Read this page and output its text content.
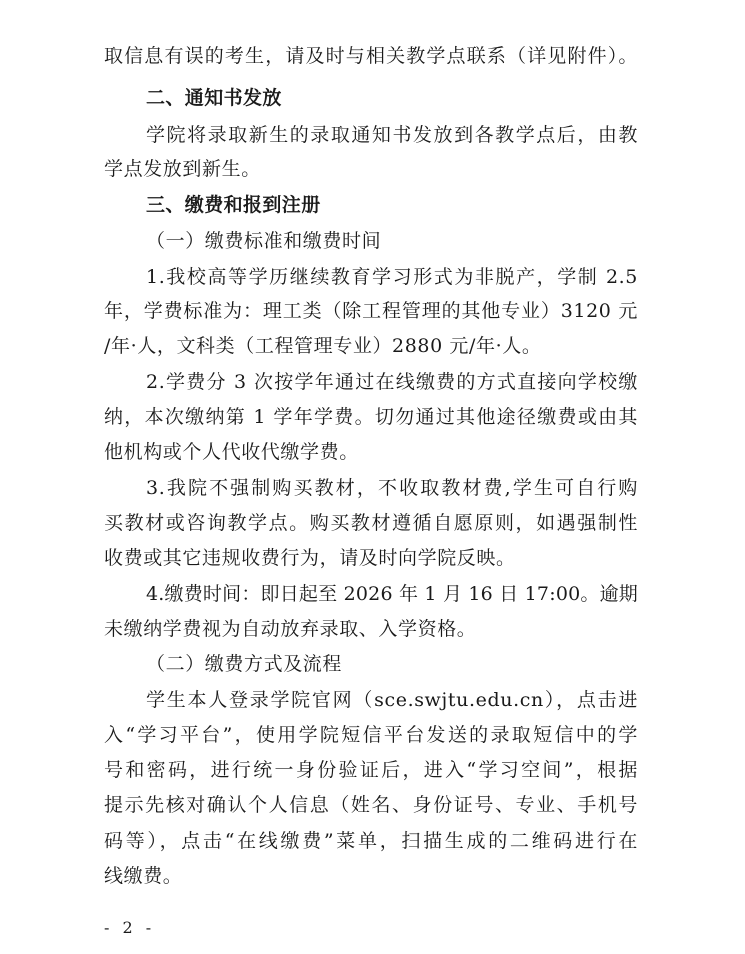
取信息有误的考生，请及时与相关教学点联系（详见附件）。
二、通知书发放
学院将录取新生的录取通知书发放到各教学点后，由教
学点发放到新生。
三、缴费和报到注册
（一）缴费标准和缴费时间
1.我校高等学历继续教育学习形式为非脱产，学制 2.5
年，学费标准为：理工类（除工程管理的其他专业）3120 元
/年·人，文科类（工程管理专业）2880 元/年·人。
2.学费分 3 次按学年通过在线缴费的方式直接向学校缴
纳，本次缴纳第 1 学年学费。切勿通过其他途径缴费或由其
他机构或个人代收代缴学费。
3.我院不强制购买教材，不收取教材费,学生可自行购
买教材或咨询教学点。购买教材遵循自愿原则，如遇强制性
收费或其它违规收费行为，请及时向学院反映。
4.缴费时间：即日起至 2026 年 1 月 16 日 17:00。逾期
未缴纳学费视为自动放弃录取、入学资格。
（二）缴费方式及流程
学生本人登录学院官网（sce.swjtu.edu.cn），点击进
入“学习平台”，使用学院短信平台发送的录取短信中的学
号和密码，进行统一身份验证后，进入“学习空间”，根据
提示先核对确认个人信息（姓名、身份证号、专业、手机号
码等），点击“在线缴费”菜单，扫描生成的二维码进行在
线缴费。
- 2 -
